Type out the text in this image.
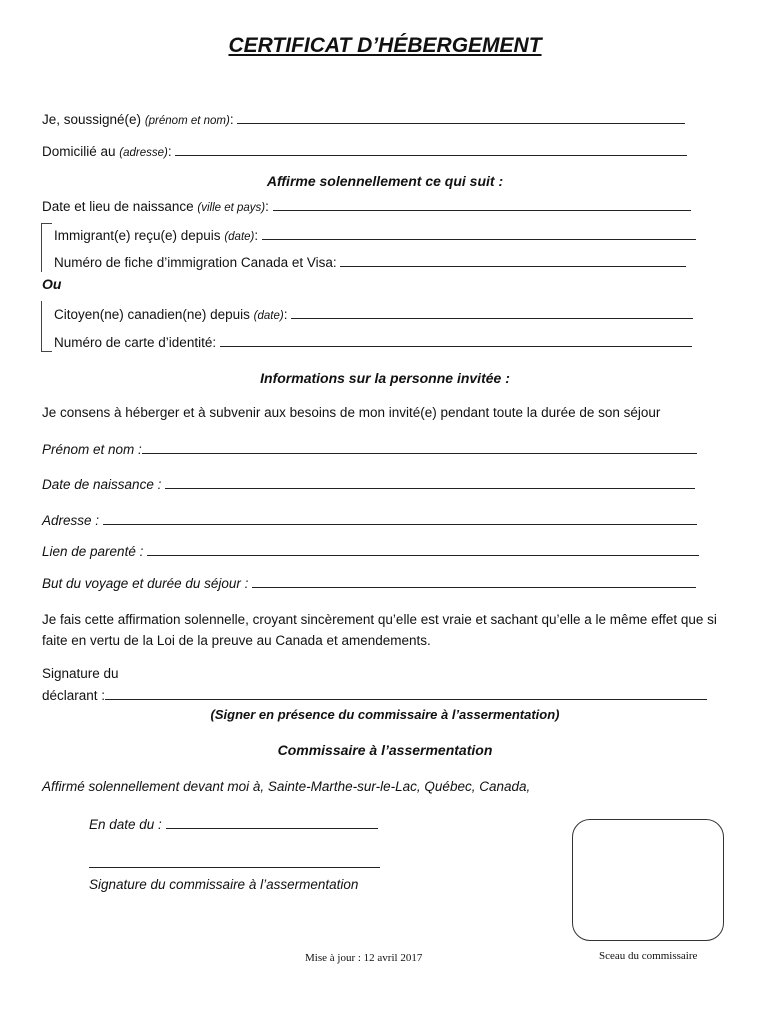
CERTIFICAT D’HÉBERGEMENT
Je, soussigné(e) (prénom et nom):
Domicilié au (adresse):
Affirme solennellement ce qui suit :
Date et lieu de naissance (ville et pays):
Immigrant(e) reçu(e) depuis (date):
Numéro de fiche d’immigration Canada et Visa:
Ou
Citoyen(ne) canadien(ne) depuis (date):
Numéro de carte d’identité:
Informations sur la personne invitée :
Je consens à héberger et à subvenir aux besoins de mon invité(e) pendant toute la durée de son séjour
Prénom et nom :
Date de naissance :
Adresse :
Lien de parenté :
But du voyage et durée du séjour :
Je fais cette affirmation solennelle, croyant sincèrement qu’elle est vraie et sachant qu’elle a le même effet que si faite en vertu de la Loi de la preuve au Canada et amendements.
Signature du
déclarant :
(Signer en présence du commissaire à l’assermentation)
Commissaire à l’assermentation
Affirmé solennellement devant moi à, Sainte-Marthe-sur-le-Lac, Québec, Canada,
En date du :
Signature du commissaire à l’assermentation
Mise à jour : 12 avril 2017	Sceau du commissaire
